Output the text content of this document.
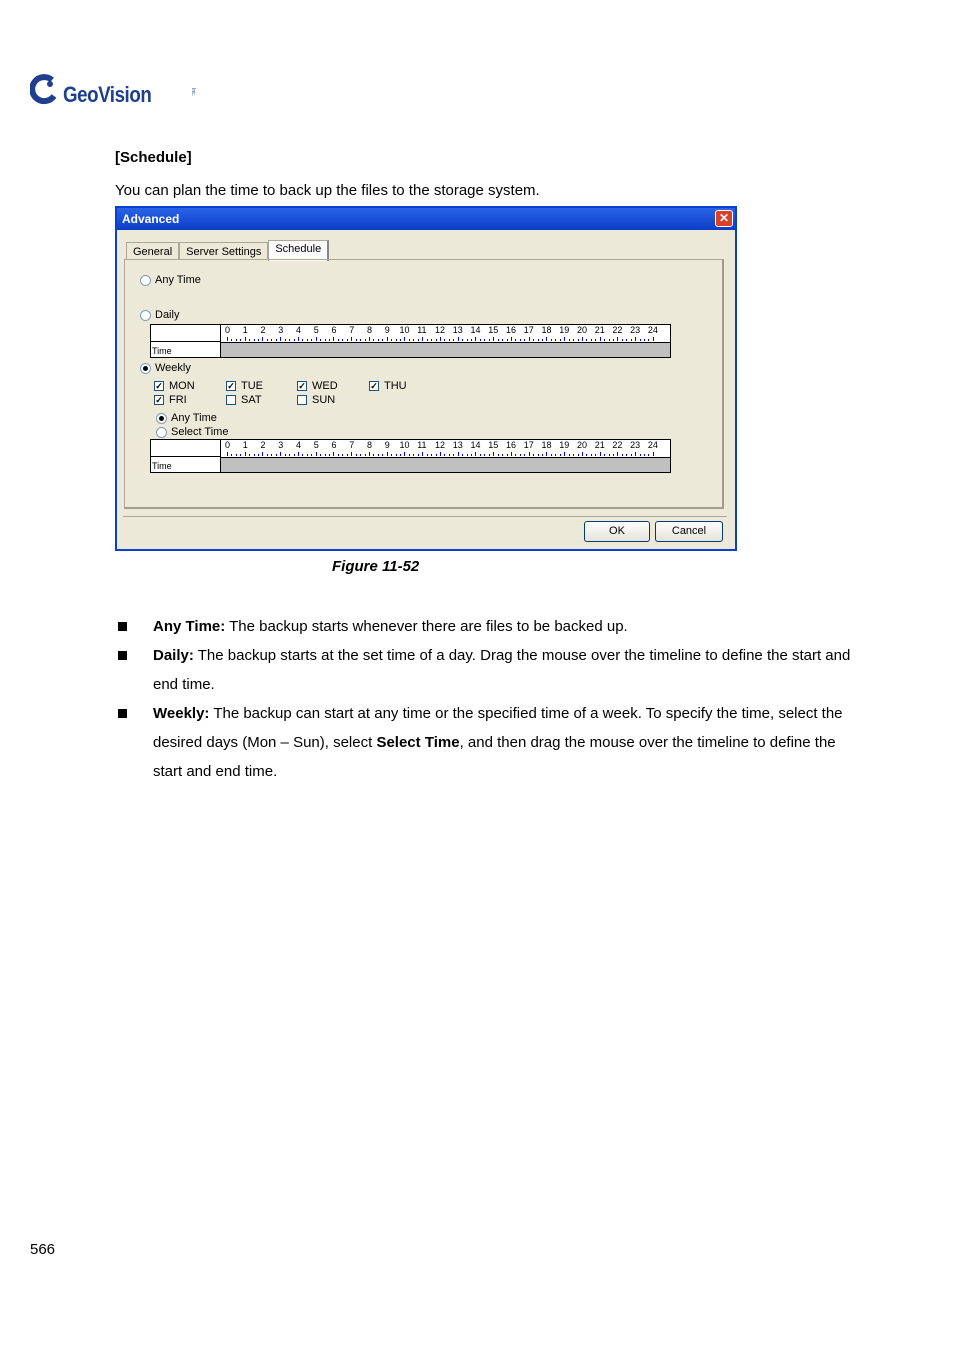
GeoVision	Inc.
[Schedule]
You can plan the time to back up the files to the storage system.
Advanced	✕
General	Server Settings	Schedule
Any Time
Daily
Time
0 1 2 3 4 5 6 7 8 9 10 11 12 13 14 15 16 17 18 19 20 21 22 23 24
Weekly
✓ MON	✓ TUE	✓ WED	✓ THU
✓ FRI	SAT	SUN
Any Time
Select Time
Time
0 1 2 3 4 5 6 7 8 9 10 11 12 13 14 15 16 17 18 19 20 21 22 23 24
OK	Cancel
Figure 11-52
Any Time: The backup starts whenever there are files to be backed up.
Daily: The backup starts at the set time of a day. Drag the mouse over the timeline to define the start and end time.
Weekly: The backup can start at any time or the specified time of a week. To specify the time, select the desired days (Mon – Sun), select Select Time, and then drag the mouse over the timeline to define the start and end time.
566
